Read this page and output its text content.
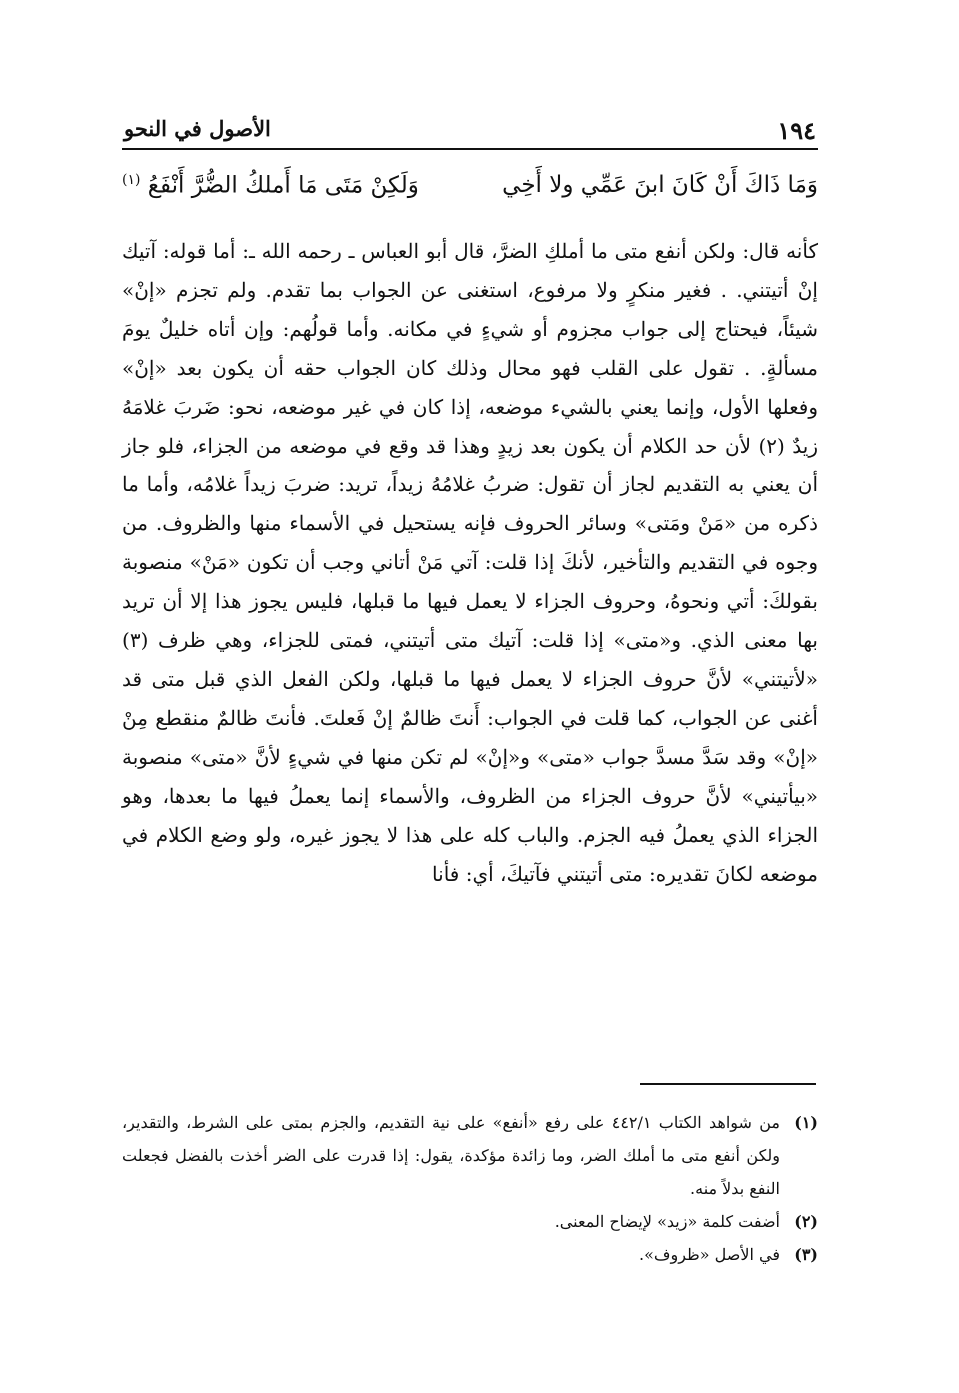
١٩٤
الأصول في النحو
وَمَا ذَاكَ أَنْ كَانَ ابنَ عَمِّي ولا أَخِي
وَلَكِنْ مَتَى مَا أَملكُ الضُّرَّ أَنْفَعُ $^{(١)}$

كأنه قال: ولكن أنفع متى ما أملكِ الضرَّ، قال أبو العباس ـ رحمه الله ـ: أما قوله: آتيك إنْ أتيتني. . فغير منكرٍ ولا مرفوع، استغنى عن الجواب بما تقدم. ولم تجزم «إنْ» شيئاً، فيحتاج إلى جواب مجزوم أو شيءٍ في مكانه. وأما قولُهم: وإن أتاه خليلٌ يومَ مسألةٍ. . تقول على القلب فهو محال وذلك كان الجواب حقه أن يكون بعد «إنْ» وفعلها الأول، وإنما يعني بالشيء موضعه، إذا كان في غير موضعه، نحو: ضَربَ غلامَهُ زيدٌ (٢) لأن حد الكلام أن يكون بعد زيدٍ وهذا قد وقع في موضعه من الجزاء، فلو جاز أن يعني به التقديم لجاز أن تقول: ضربُ غلامُهُ زيداً، تريد: ضربَ زيداً غلامُه، وأما ما ذكره من «مَنْ ومَتى» وسائر الحروف فإنه يستحيل في الأسماء منها والظروف. من وجوه في التقديم والتأخير، لأنكَ إذا قلت: آتي مَنْ أتاني وجب أن تكون «مَنْ» منصوبة بقولكَ: أتي ونحوهُ، وحروف الجزاء لا يعمل فيها ما قبلها، فليس يجوز هذا إلا أن تريد بها معنى الذي. و«متى» إذا قلت: آتيك متى أتيتني، فمتى للجزاء، وهي ظرف (٣) «لأتيتني» لأنَّ حروف الجزاء لا يعمل فيها ما قبلها، ولكن الفعل الذي قبل متى قد أغنى عن الجواب، كما قلت في الجواب: أَنتَ ظالمٌ إنْ فَعلتَ. فأنتَ ظالمٌ منقطع مِنْ «إنْ» وقد سَدَّ مسدَّ جواب «متى» و«إنْ» لم تكن منها في شيءٍ لأنَّ «متى» منصوبة «بيأتيني» لأنَّ حروف الجزاء من الظروف، والأسماء إنما يعملُ فيها ما بعدها، وهو الجزاء الذي يعملُ فيه الجزم. والباب كله على هذا لا يجوز غيره، ولو وضع الكلام في موضعه لكانَ تقديره: متى أتيتني فآتيكَ، أي: فأنا

(١)
من شواهد الكتاب ٤٤٢/١ على رفع «أنفع» على نية التقديم، والجزم بمتى على الشرط، والتقدير، ولكن أنفع متى ما أملك الضر، وما زائدة مؤكدة، يقول: إذا قدرت على الضر أخذت بالفضل فجعلت النفع بدلاً منه.
(٢)
أضفت كلمة «زيد» لإيضاح المعنى.
(٣)
في الأصل «ظروف».
